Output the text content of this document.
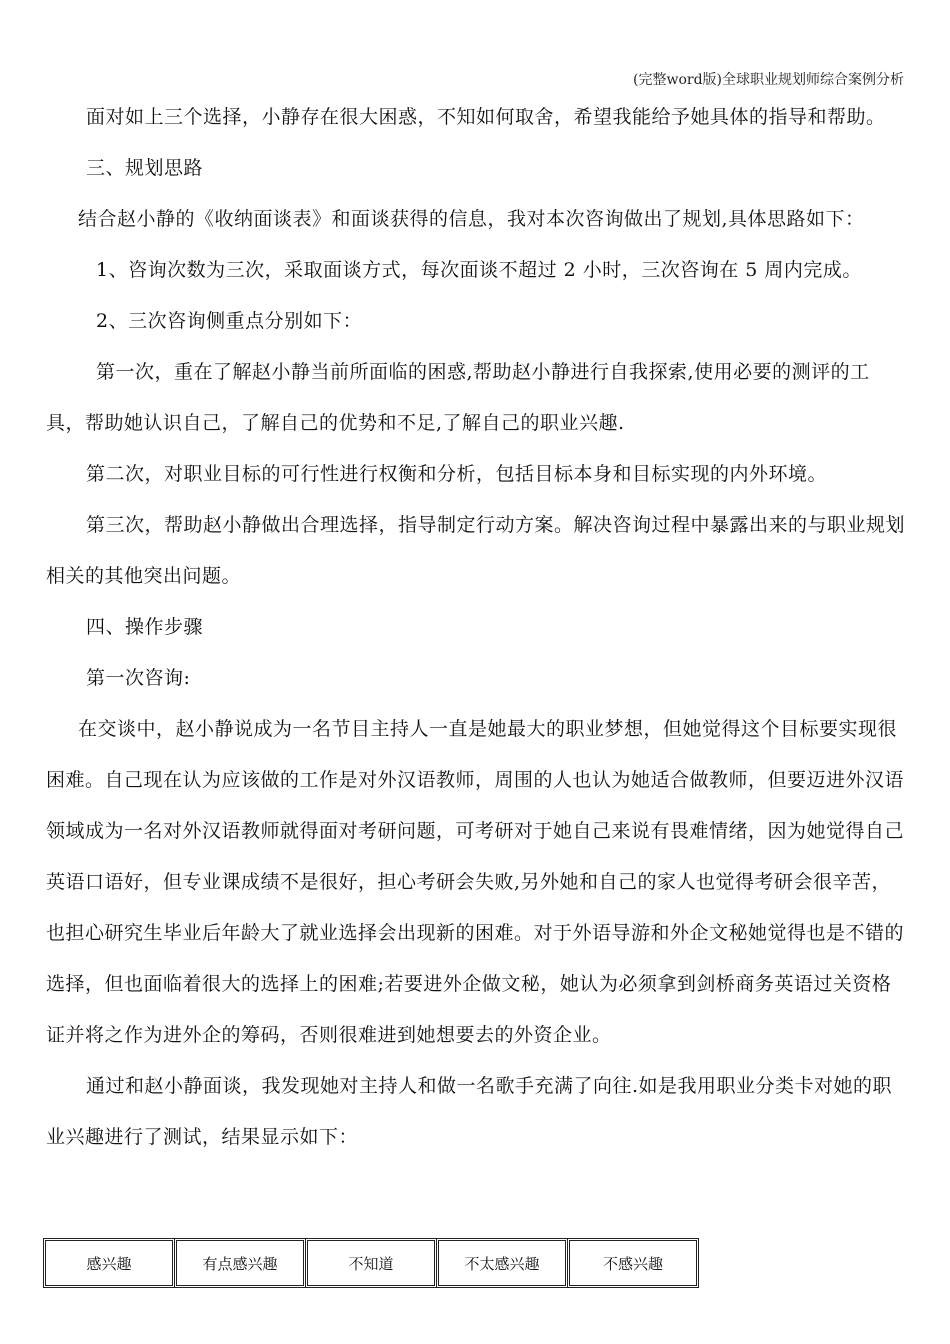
(完整word版)全球职业规划师综合案例分析

面对如上三个选择，小静存在很大困惑，不知如何取舍，希望我能给予她具体的指导和帮助。

三、规划思路

结合赵小静的《收纳面谈表》和面谈获得的信息，我对本次咨询做出了规划,具体思路如下：

1、咨询次数为三次，采取面谈方式，每次面谈不超过 2 小时，三次咨询在 5 周内完成。

2、三次咨询侧重点分别如下：

第一次，重在了解赵小静当前所面临的困惑,帮助赵小静进行自我探索,使用必要的测评的工具，帮助她认识自己，了解自己的优势和不足,了解自己的职业兴趣.

第二次，对职业目标的可行性进行权衡和分析，包括目标本身和目标实现的内外环境。

第三次，帮助赵小静做出合理选择，指导制定行动方案。解决咨询过程中暴露出来的与职业规划相关的其他突出问题。

四、操作步骤

第一次咨询:

在交谈中，赵小静说成为一名节目主持人一直是她最大的职业梦想，但她觉得这个目标要实现很困难。自己现在认为应该做的工作是对外汉语教师，周围的人也认为她适合做教师，但要迈进外汉语领域成为一名对外汉语教师就得面对考研问题，可考研对于她自己来说有畏难情绪，因为她觉得自己英语口语好，但专业课成绩不是很好，担心考研会失败,另外她和自己的家人也觉得考研会很辛苦，也担心研究生毕业后年龄大了就业选择会出现新的困难。对于外语导游和外企文秘她觉得也是不错的选择，但也面临着很大的选择上的困难;若要进外企做文秘，她认为必须拿到剑桥商务英语过关资格证并将之作为进外企的筹码，否则很难进到她想要去的外资企业。

通过和赵小静面谈，我发现她对主持人和做一名歌手充满了向往.如是我用职业分类卡对她的职业兴趣进行了测试，结果显示如下：

感兴趣	有点感兴趣	不知道	不太感兴趣	不感兴趣
